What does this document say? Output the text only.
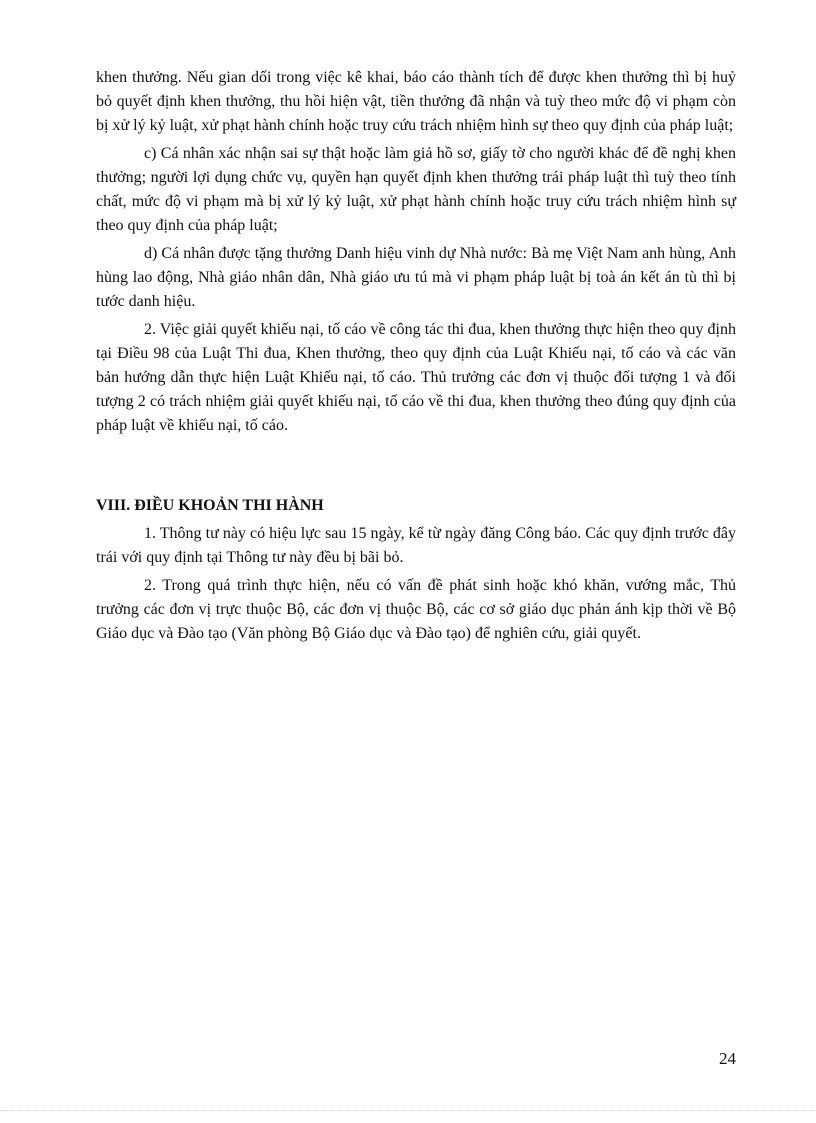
khen thưởng. Nếu gian dối trong việc kê khai, báo cáo thành tích để được khen thưởng thì bị huỷ bỏ quyết định khen thưởng, thu hồi hiện vật, tiền thưởng đã nhận và tuỳ theo mức độ vi phạm còn bị xử lý kỷ luật, xử phạt hành chính hoặc truy cứu trách nhiệm hình sự theo quy định của pháp luật;

c) Cá nhân xác nhận sai sự thật hoặc làm giả hồ sơ, giấy tờ cho người khác để đề nghị khen thưởng; người lợi dụng chức vụ, quyền hạn quyết định khen thưởng trái pháp luật thì tuỳ theo tính chất, mức độ vi phạm mà bị xử lý kỷ luật, xử phạt hành chính hoặc truy cứu trách nhiệm hình sự theo quy định của pháp luật;

d) Cá nhân được tặng thưởng Danh hiệu vinh dự Nhà nước: Bà mẹ Việt Nam anh hùng, Anh hùng lao động, Nhà giáo nhân dân, Nhà giáo ưu tú mà vi phạm pháp luật bị toà án kết án tù thì bị tước danh hiệu.

2. Việc giải quyết khiếu nại, tố cáo về công tác thi đua, khen thưởng thực hiện theo quy định tại Điều 98 của Luật Thi đua, Khen thưởng, theo quy định của Luật Khiếu nại, tố cáo và các văn bản hướng dẫn thực hiện Luật Khiếu nại, tố cáo. Thủ trưởng các đơn vị thuộc đối tượng 1 và đối tượng 2 có trách nhiệm giải quyết khiếu nại, tố cáo về thi đua, khen thưởng theo đúng quy định của pháp luật về khiếu nại, tố cáo.

VIII. ĐIỀU KHOẢN THI HÀNH

1. Thông tư này có hiệu lực sau 15 ngày, kể từ ngày đăng Công báo. Các quy định trước đây trái với quy định tại Thông tư này đều bị bãi bỏ.

2. Trong quá trình thực hiện, nếu có vấn đề phát sinh hoặc khó khăn, vướng mắc, Thủ trưởng các đơn vị trực thuộc Bộ, các đơn vị thuộc Bộ, các cơ sở giáo dục phản ánh kịp thời về Bộ Giáo dục và Đào tạo (Văn phòng Bộ Giáo dục và Đào tạo) để nghiên cứu, giải quyết.

24
